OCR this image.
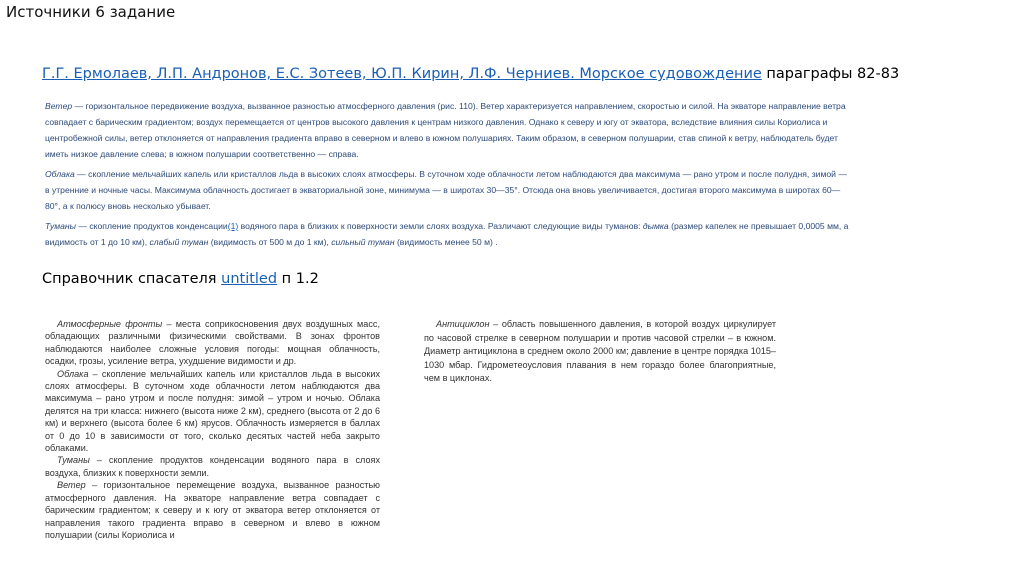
Источники 6 задание
Г.Г. Ермолаев, Л.П. Андронов, Е.С. Зотеев, Ю.П. Кирин, Л.Ф. Черниев. Морское судовождение параграфы 82-83

Ветер — горизонтальное передвижение воздуха, вызванное разностью атмосферного давления (рис. 110). Ветер характеризуется направлением, скоростью и силой. На экваторе направление ветра совпадает с барическим градиентом; воздух перемещается от центров высокого давления к центрам низкого давления. Однако к северу и югу от экватора, вследствие влияния силы Кориолиса и центробежной силы, ветер отклоняется от направления градиента вправо в северном и влево в южном полушариях. Таким образом, в северном полушарии, став спиной к ветру, наблюдатель будет иметь низкое давление слева; в южном полушарии соответственно — справа.

Облака — скопление мельчайших капель или кристаллов льда в высоких слоях атмосферы. В суточном ходе облачности летом наблюдаются два максимума — рано утром и после полудня, зимой — в утренние и ночные часы. Максимума облачность достигает в экваториальной зоне, минимума — в широтах 30—35°. Отсюда она вновь увеличивается, достигая второго максимума в широтах 60—80°, а к полюсу вновь несколько убывает.

Туманы — скопление продуктов конденсации(1) водяного пара в близких к поверхности земли слоях воздуха. Различают следующие виды туманов: дымка (размер капелек не превышает 0,0005 мм, а видимость от 1 до 10 км), слабый туман (видимость от 500 м до 1 км), сильный туман (видимость менее 50 м) .

Справочник спасателя untitled п 1.2

Атмосферные фронты – места соприкосновения двух воздушных масс, обладающих различными физическими свойствами. В зонах фронтов наблюдаются наиболее сложные условия погоды: мощная облачность, осадки, грозы, усиление ветра, ухудшение видимости и др.

Облака – скопление мельчайших капель или кристаллов льда в высоких слоях атмосферы. В суточном ходе облачности летом наблюдаются два максимума – рано утром и после полудня: зимой – утром и ночью. Облака делятся на три класса: нижнего (высота ниже 2 км), среднего (высота от 2 до 6 км) и верхнего (высота более 6 км) ярусов. Облачность измеряется в баллах от 0 до 10 в зависимости от того, сколько десятых частей неба закрыто облаками.

Туманы – скопление продуктов конденсации водяного пара в слоях воздуха, близких к поверхности земли.

Ветер – горизонтальное перемещение воздуха, вызванное разностью атмосферного давления. На экваторе направление ветра совпадает с барическим градиентом; к северу и к югу от экватора ветер отклоняется от направления такого градиента вправо в северном и влево в южном полушарии (силы Кориолиса и

Антициклон – область повышенного давления, в которой воздух циркулирует по часовой стрелке в северном полушарии и против часовой стрелки – в южном. Диаметр антициклона в среднем около 2000 км; давление в центре порядка 1015–1030 мбар. Гидрометеоусловия плавания в нем гораздо более благоприятные, чем в циклонах.
